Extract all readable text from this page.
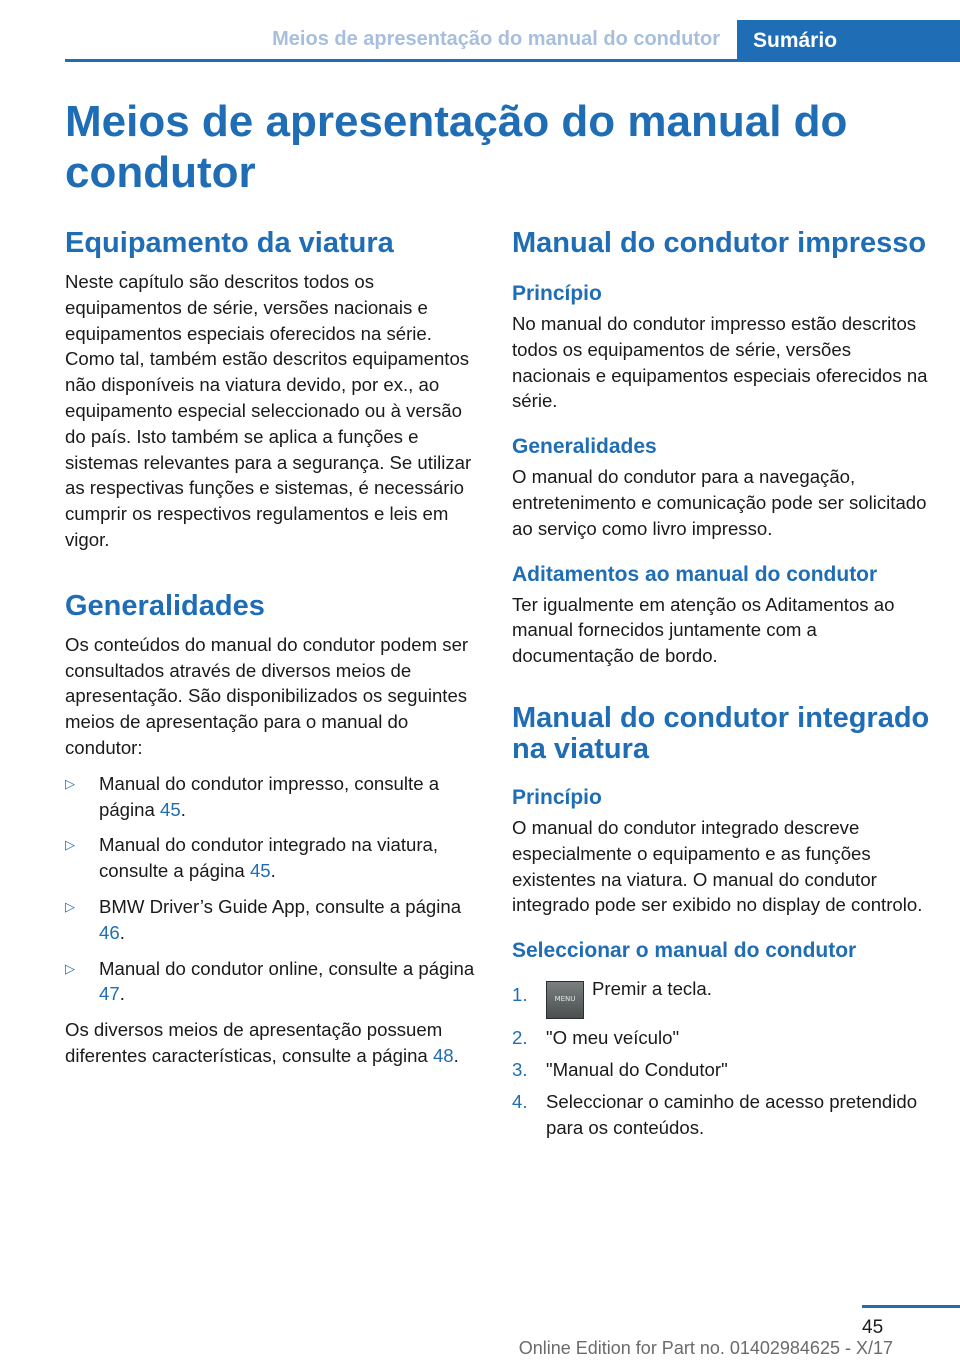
Meios de apresentação do manual do condutor	Sumário
Meios de apresentação do manual do condutor
Equipamento da viatura

Neste capítulo são descritos todos os equipamentos de série, versões nacionais e equipamentos especiais oferecidos na série. Como tal, também estão descritos equipamentos não disponíveis na viatura devido, por ex., ao equipamento especial seleccionado ou à versão do país. Isto também se aplica a funções e sistemas relevantes para a segurança. Se utilizar as respectivas funções e sistemas, é necessário cumprir os respectivos regulamentos e leis em vigor.

Generalidades

Os conteúdos do manual do condutor podem ser consultados através de diversos meios de apresentação. São disponibilizados os seguintes meios de apresentação para o manual do condutor:

▷ Manual do condutor impresso, consulte a página 45.
▷ Manual do condutor integrado na viatura, consulte a página 45.
▷ BMW Driver’s Guide App, consulte a página 46.
▷ Manual do condutor online, consulte a página 47.

Os diversos meios de apresentação possuem diferentes características, consulte a página 48.

Manual do condutor impresso
Princípio

No manual do condutor impresso estão descritos todos os equipamentos de série, versões nacionais e equipamentos especiais oferecidos na série.

Generalidades

O manual do condutor para a navegação, entretenimento e comunicação pode ser solicitado ao serviço como livro impresso.

Aditamentos ao manual do condutor

Ter igualmente em atenção os Aditamentos ao manual fornecidos juntamente com a documentação de bordo.

Manual do condutor integrado na viatura
Princípio

O manual do condutor integrado descreve especialmente o equipamento e as funções existentes na viatura. O manual do condutor integrado pode ser exibido no display de controlo.

Seleccionar o manual do condutor
1.	MENU Premir a tecla.
2. "O meu veículo"
3. "Manual do Condutor"
4. Seleccionar o caminho de acesso pretendido para os conteúdos.
45
Online Edition for Part no. 01402984625 - X/17
